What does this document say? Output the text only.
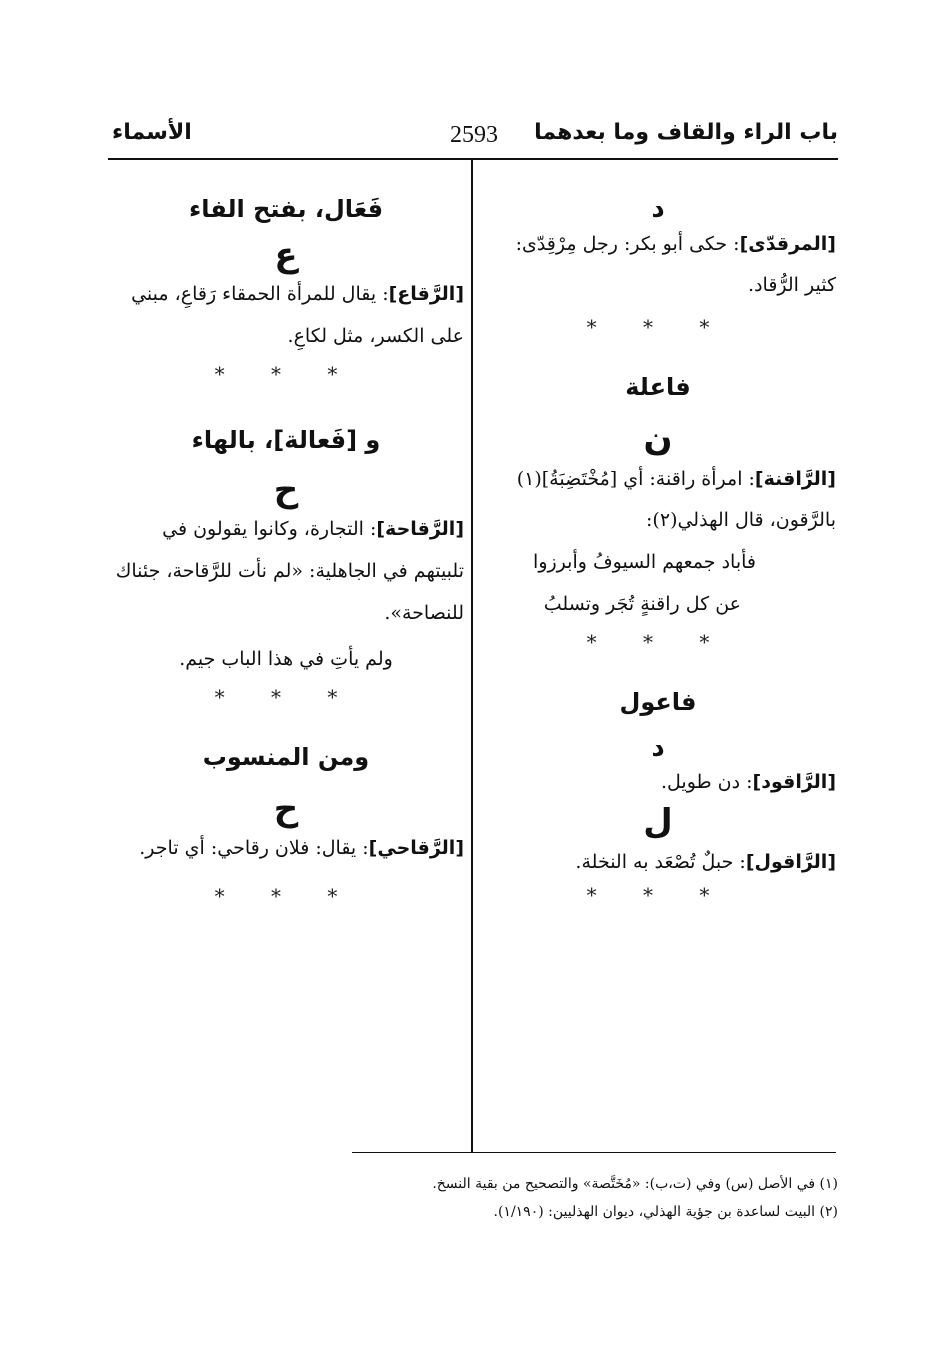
باب الراء والقاف وما بعدهما
2593
الأسماء
د

[المرقدّى]: حكى أبو بكر: رجل مِرْقِدّى: كثير الرُّقاد.

* * *
فاعلة
ن

[الرَّاقنة]: امرأة راقنة: أي [مُخْتَضِبَةُ](١) بالرَّقون، قال الهذلي(٢):

فأباد جمعهم السيوفُ وأبرزوا

عن كل راقنةٍ تُجَر وتسلبُ

* * *
فاعول
د

[الرَّاقود]: دن طويل.

ل

[الرَّاقول]: حبلٌ تُصْعَد به النخلة.

* * *
فَعَال، بفتح الفاء
ع

[الرَّقاع]: يقال للمرأة الحمقاء رَقاعِ، مبني على الكسر، مثل لكاعِ.

* * *
و [فَعالة]، بالهاء
ح

[الرَّقاحة]: التجارة، وكانوا يقولون في تلبيتهم في الجاهلية: «لم نأت للرَّقاحة، جئناك للنصاحة».

ولم يأتِ في هذا الباب جيم.

* * *
ومن المنسوب
ح

[الرَّقاحي]: يقال: فلان رقاحي: أي تاجر.

* * *
(١) في الأصل (س) وفي (ت،ب): «مُخَتَّصة» والتصحيح من بقية النسخ.
(٢) البيت لساعدة بن جؤية الهذلي، ديوان الهذليين: (١/١٩٠).
